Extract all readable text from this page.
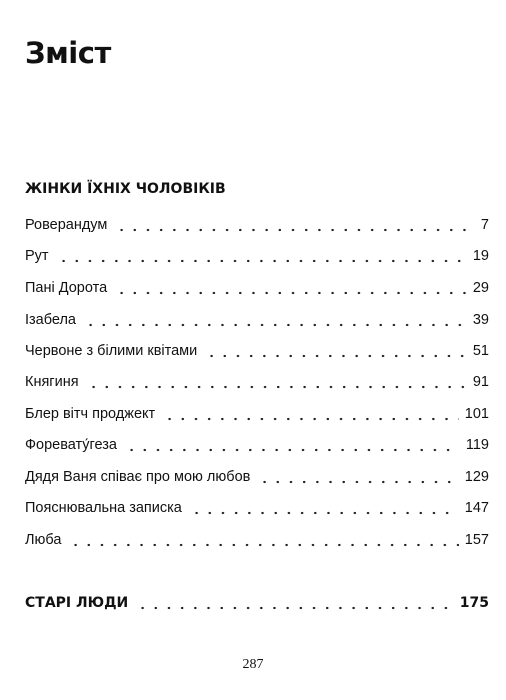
Зміст
ЖІНКИ ЇХНІХ ЧОЛОВІКІВ
Роверандум	7
Рут	19
Пані Дорота	29
Ізабела	39
Червоне з білими квітами	51
Княгиня	91
Блер вітч проджект	101
Форевату́геза	119
Дядя Ваня співає про мою любов	129
Пояснювальна записка	147
Люба	157
СТАРІ ЛЮДИ	175
287
